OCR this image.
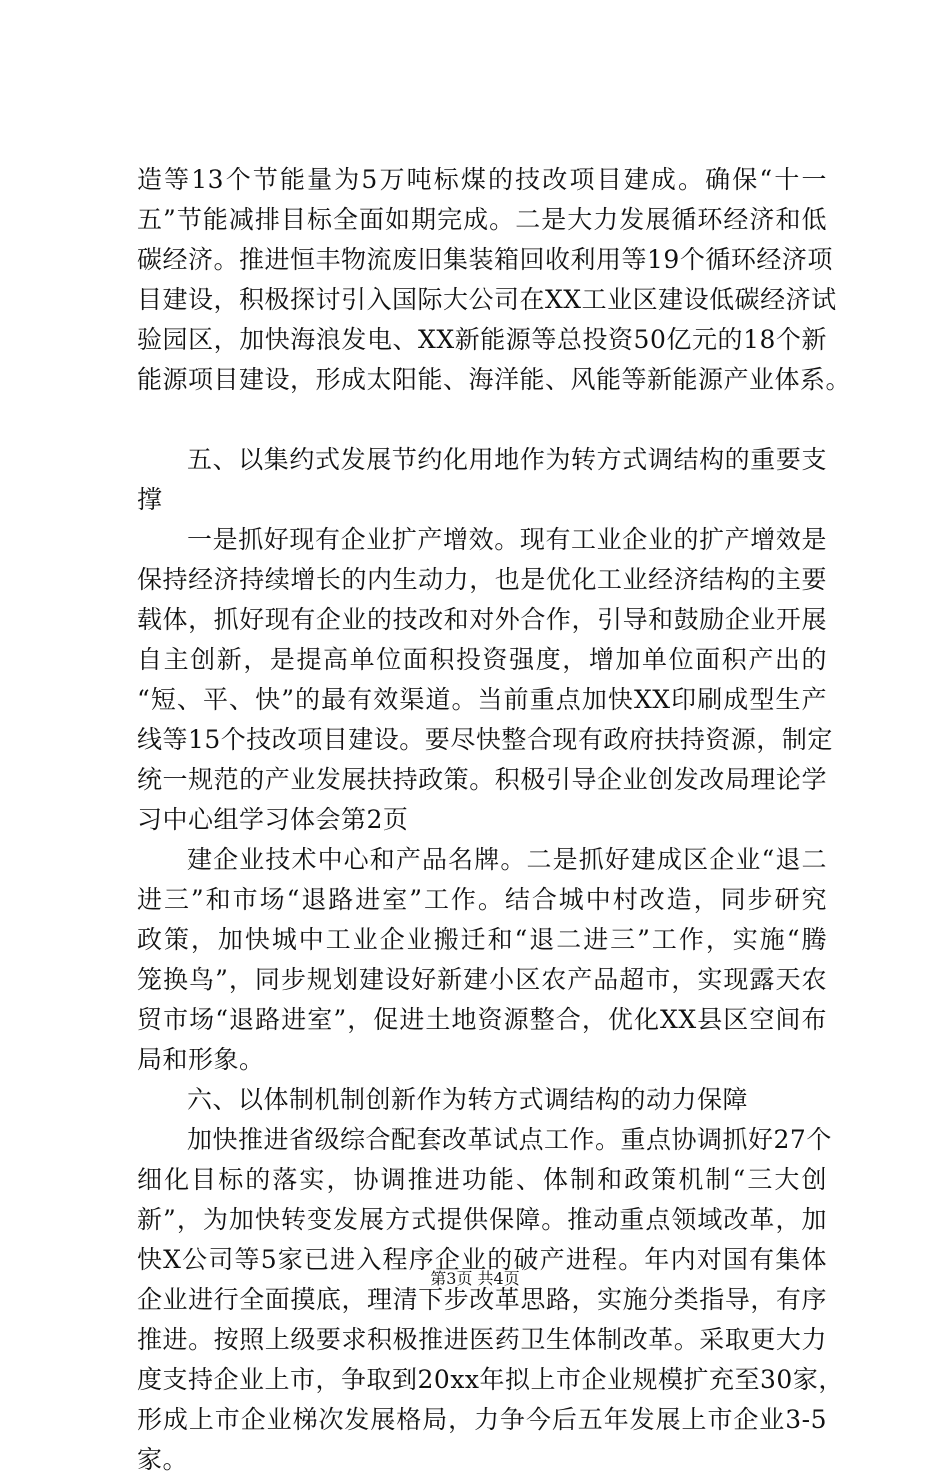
造等13个节能量为5万吨标煤的技改项目建成。确保“十一
五”节能减排目标全面如期完成。二是大力发展循环经济和低
碳经济。推进恒丰物流废旧集装箱回收利用等19个循环经济项
目建设，积极探讨引入国际大公司在XX工业区建设低碳经济试
验园区，加快海浪发电、XX新能源等总投资50亿元的18个新
能源项目建设，形成太阳能、海洋能、风能等新能源产业体系。
五、以集约式发展节约化用地作为转方式调结构的重要支
撑
一是抓好现有企业扩产增效。现有工业企业的扩产增效是
保持经济持续增长的内生动力，也是优化工业经济结构的主要
载体，抓好现有企业的技改和对外合作，引导和鼓励企业开展
自主创新，是提高单位面积投资强度，增加单位面积产出的
“短、平、快”的最有效渠道。当前重点加快XX印刷成型生产
线等15个技改项目建设。要尽快整合现有政府扶持资源，制定
统一规范的产业发展扶持政策。积极引导企业创发改局理论学
习中心组学习体会第2页
建企业技术中心和产品名牌。二是抓好建成区企业“退二
进三”和市场“退路进室”工作。结合城中村改造，同步研究
政策，加快城中工业企业搬迁和“退二进三”工作，实施“腾
笼换鸟”，同步规划建设好新建小区农产品超市，实现露天农
贸市场“退路进室”，促进土地资源整合，优化XX县区空间布
局和形象。
六、以体制机制创新作为转方式调结构的动力保障
加快推进省级综合配套改革试点工作。重点协调抓好27个
细化目标的落实，协调推进功能、体制和政策机制“三大创
新”，为加快转变发展方式提供保障。推动重点领域改革，加
快X公司等5家已进入程序企业的破产进程。年内对国有集体
企业进行全面摸底，理清下步改革思路，实施分类指导，有序
推进。按照上级要求积极推进医药卫生体制改革。采取更大力
度支持企业上市，争取到20xx年拟上市企业规模扩充至30家，
形成上市企业梯次发展格局，力争今后五年发展上市企业3-5
家。
第3页 共4页
